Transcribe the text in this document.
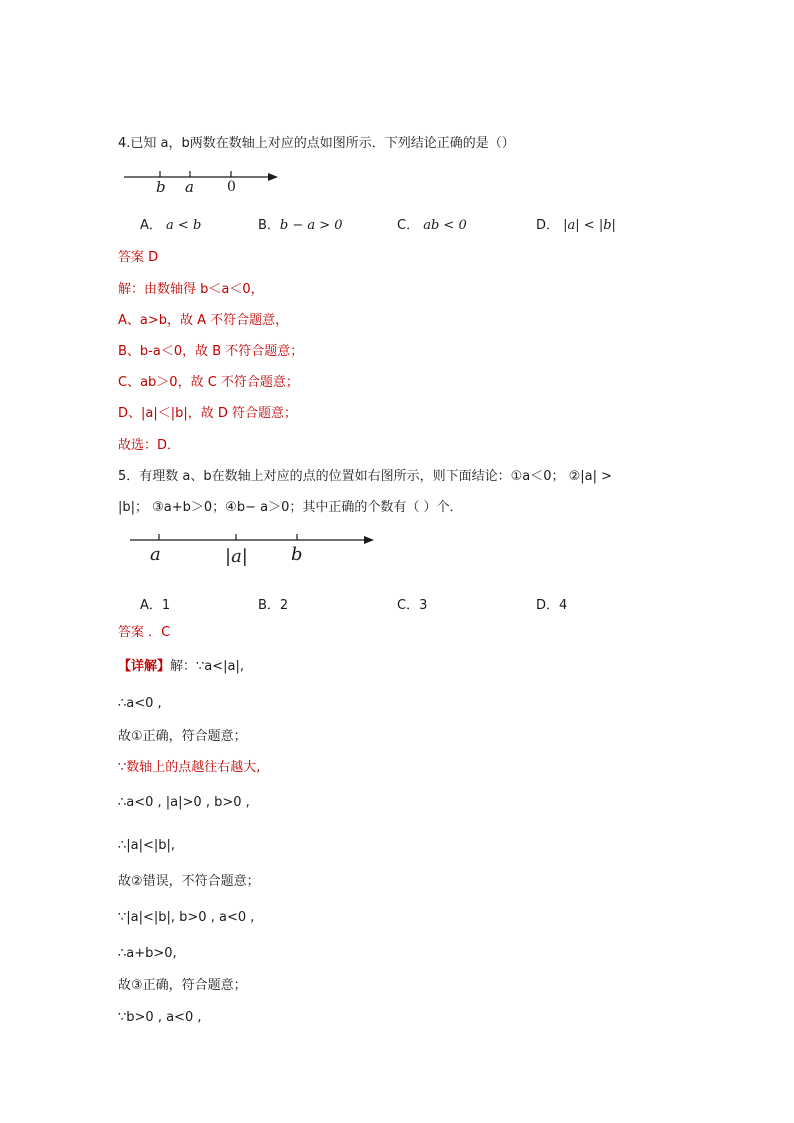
4.已知 a，b两数在数轴上对应的点如图所示．下列结论正确的是（）
b a 0
A． a < b	B．b − a > 0	C． ab < 0	D． |a| < |b|
答案 D
解：由数轴得 b＜a＜0，
A、a>b，故 A 不符合题意，
B、b-a＜0，故 B 不符合题意；
C、ab＞0，故 C 不符合题意；
D、|a|＜|b|，故 D 符合题意；
故选：D．
5．有理数 a、b在数轴上对应的点的位置如右图所示，则下面结论：①a＜0； ②|a| >
|b|； ③a+b＞0；④b− a＞0；其中正确的个数有（ ）个．
a	|a| b
A．1	B．2	C．3	D．4
答案 ．C
【详解】解：∵a<|a|,
∴a<0 ,
故①正确，符合题意；
∵数轴上的点越往右越大,
∴a<0 , |a|>0 , b>0 ,
∴|a|<|b|,
故②错误，不符合题意；
∵|a|<|b|, b>0 , a<0 ,
∴a+b>0,
故③正确，符合题意；
∵b>0 , a<0 ,
